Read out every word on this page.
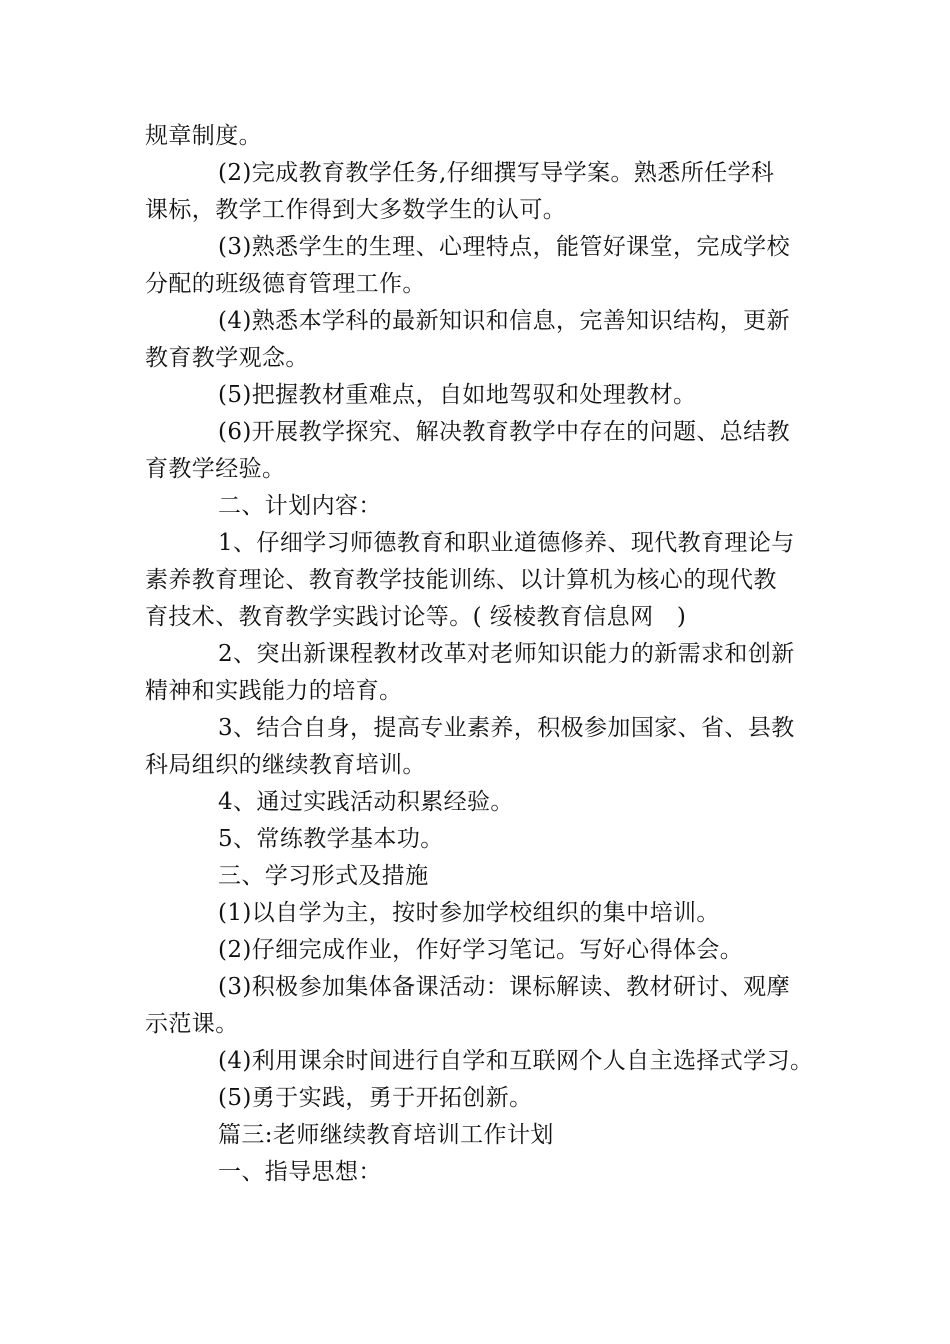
规章制度。
(2)完成教育教学任务,仔细撰写导学案。熟悉所任学科
课标，教学工作得到大多数学生的认可。
(3)熟悉学生的生理、心理特点，能管好课堂，完成学校
分配的班级德育管理工作。
(4)熟悉本学科的最新知识和信息，完善知识结构，更新
教育教学观念。
(5)把握教材重难点，自如地驾驭和处理教材。
(6)开展教学探究、解决教育教学中存在的问题、总结教
育教学经验。
二、计划内容：
1、仔细学习师德教育和职业道德修养、现代教育理论与
素养教育理论、教育教学技能训练、以计算机为核心的现代教
育技术、教育教学实践讨论等。( 绥棱教育信息网　)
2、突出新课程教材改革对老师知识能力的新需求和创新
精神和实践能力的培育。
3、结合自身，提高专业素养，积极参加国家、省、县教
科局组织的继续教育培训。
4、通过实践活动积累经验。
5、常练教学基本功。
三、学习形式及措施
(1)以自学为主，按时参加学校组织的集中培训。
(2)仔细完成作业，作好学习笔记。写好心得体会。
(3)积极参加集体备课活动：课标解读、教材研讨、观摩
示范课。
(4)利用课余时间进行自学和互联网个人自主选择式学习。
(5)勇于实践，勇于开拓创新。
篇三:老师继续教育培训工作计划
一、指导思想：
